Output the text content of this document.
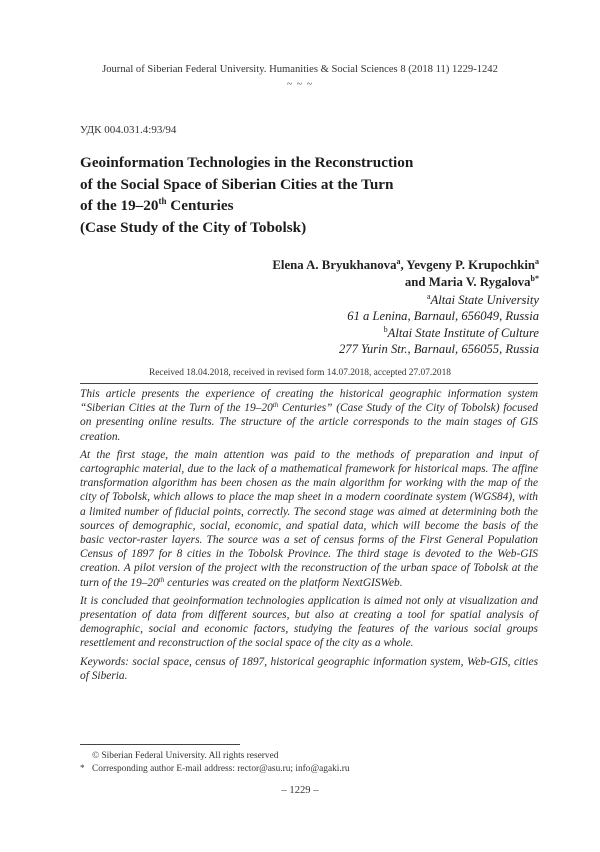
Journal of Siberian Federal University. Humanities & Social Sciences 8 (2018 11) 1229-1242
~ ~ ~
УДК 004.031.4:93/94
Geoinformation Technologies in the Reconstruction
of the Social Space of Siberian Cities at the Turn
of the 19–20th Centuries
(Case Study of the City of Tobolsk)
Elena A. Bryukhanova$^a$, Yevgeny P. Krupochkin$^a$
and Maria V. Rygalova$^{b*}$
$^a$Altai State University
61 a Lenina, Barnaul, 656049, Russia
$^b$Altai State Institute of Culture
277 Yurin Str., Barnaul, 656055, Russia
Received 18.04.2018, received in revised form 14.07.2018, accepted 27.07.2018

This article presents the experience of creating the historical geographic information system “Siberian Cities at the Turn of the 19–20th Centuries” (Case Study of the City of Tobolsk) focused on presenting online results. The structure of the article corresponds to the main stages of GIS creation.

At the first stage, the main attention was paid to the methods of preparation and input of cartographic material, due to the lack of a mathematical framework for historical maps. The affine transformation algorithm has been chosen as the main algorithm for working with the map of the city of Tobolsk, which allows to place the map sheet in a modern coordinate system (WGS84), with a limited number of fiducial points, correctly. The second stage was aimed at determining both the sources of demographic, social, economic, and spatial data, which will become the basis of the basic vector-raster layers. The source was a set of census forms of the First General Population Census of 1897 for 8 cities in the Tobolsk Province. The third stage is devoted to the Web-GIS creation. A pilot version of the project with the reconstruction of the urban space of Tobolsk at the turn of the 19–20th centuries was created on the platform NextGISWeb.

It is concluded that geoinformation technologies application is aimed not only at visualization and presentation of data from different sources, but also at creating a tool for spatial analysis of demographic, social and economic factors, studying the features of the various social groups resettlement and reconstruction of the social space of the city as a whole.

Keywords: social space, census of 1897, historical geographic information system, Web-GIS, cities of Siberia.

© Siberian Federal University. All rights reserved
* Corresponding author E-mail address: rector@asu.ru; info@agaki.ru
– 1229 –
